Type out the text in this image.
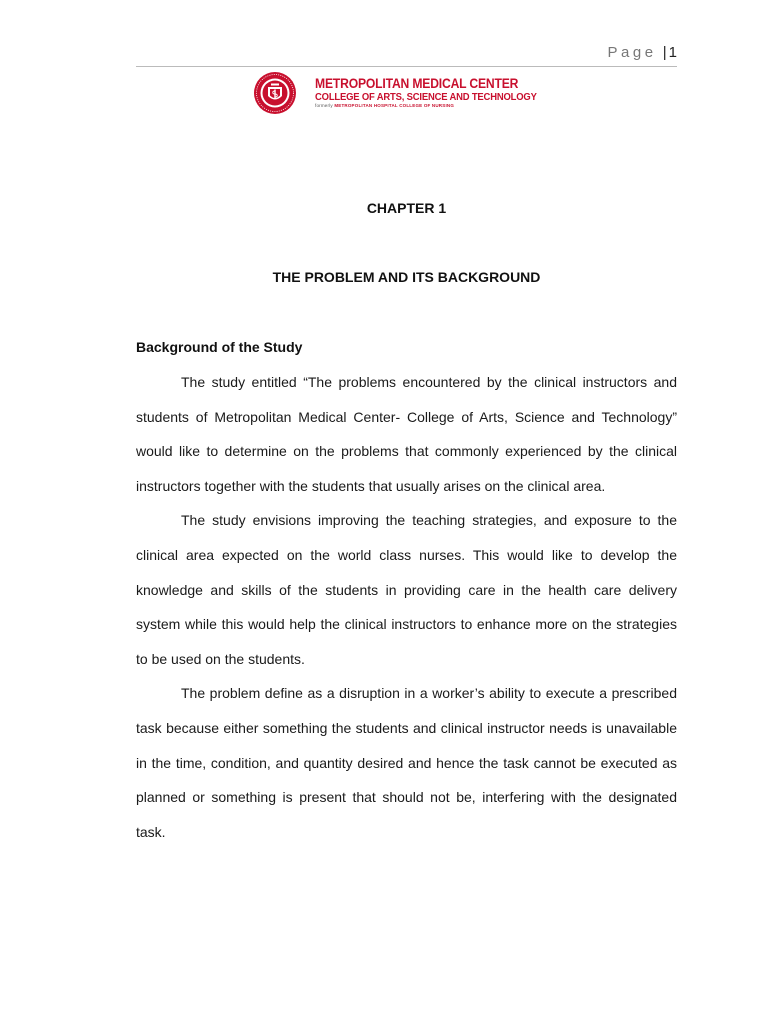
Page | 1
METROPOLITAN MEDICAL CENTER
COLLEGE OF ARTS, SCIENCE AND TECHNOLOGY
formerly METROPOLITAN HOSPITAL COLLEGE OF NURSING
CHAPTER 1
THE PROBLEM AND ITS BACKGROUND
Background of the Study

The study entitled “The problems encountered by the clinical instructors and students of Metropolitan Medical Center- College of Arts, Science and Technology” would like to determine on the problems that commonly experienced by the clinical instructors together with the students that usually arises on the clinical area.

The study envisions improving the teaching strategies, and exposure to the clinical area expected on the world class nurses. This would like to develop the knowledge and skills of the students in providing care in the health care delivery system while this would help the clinical instructors to enhance more on the strategies to be used on the students.

The problem define as a disruption in a worker’s ability to execute a prescribed task because either something the students and clinical instructor needs is unavailable in the time, condition, and quantity desired and hence the task cannot be executed as planned or something is present that should not be, interfering with the designated task.
